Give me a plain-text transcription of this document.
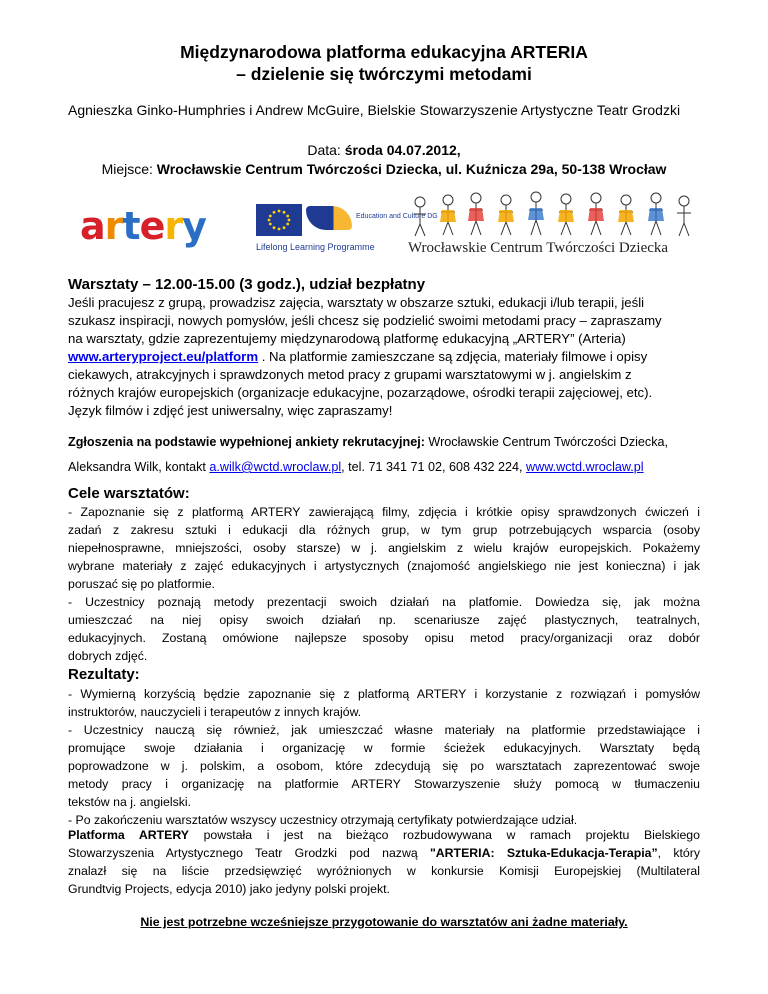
Międzynarodowa platforma edukacyjna ARTERIA
– dzielenie się twórczymi metodami
Agnieszka Ginko-Humphries i Andrew McGuire, Bielskie Stowarzyszenie Artystyczne Teatr Grodzki
Data: środa 04.07.2012,
Miejsce: Wrocławskie Centrum Twórczości Dziecka, ul. Kuźnicza 29a, 50-138 Wrocław
artery	Education and Culture DG
Lifelong Learning Programme Wrocławskie Centrum Twórczości Dziecka
Warsztaty – 12.00-15.00 (3 godz.), udział bezpłatny
Jeśli pracujesz z grupą, prowadzisz zajęcia, warsztaty w obszarze sztuki, edukacji i/lub terapii, jeśli
szukasz inspiracji, nowych pomysłów, jeśli chcesz się podzielić swoimi metodami pracy – zapraszamy
na warsztaty, gdzie zaprezentujemy międzynarodową platformę edukacyjną „ARTERY” (Arteria)
www.arteryproject.eu/platform . Na platformie zamieszczane są zdjęcia, materiały filmowe i opisy
ciekawych, atrakcyjnych i sprawdzonych metod pracy z grupami warsztatowymi w j. angielskim z
różnych krajów europejskich (organizacje edukacyjne, pozarządowe, ośrodki terapii zajęciowej, etc).
Język filmów i zdjęć jest uniwersalny, więc zapraszamy!
Zgłoszenia na podstawie wypełnionej ankiety rekrutacyjnej: Wrocławskie Centrum Twórczości Dziecka,
Aleksandra Wilk, kontakt a.wilk@wctd.wroclaw.pl, tel. 71 341 71 02, 608 432 224, www.wctd.wroclaw.pl
Cele warsztatów:
- Zapoznanie się z platformą ARTERY zawierającą filmy, zdjęcia i krótkie opisy sprawdzonych ćwiczeń i
zadań z zakresu sztuki i edukacji dla różnych grup, w tym grup potrzebujących wsparcia (osoby
niepełnosprawne, mniejszości, osoby starsze) w j. angielskim z wielu krajów europejskich. Pokażemy
wybrane materiały z zajęć edukacyjnych i artystycznych (znajomość angielskiego nie jest konieczna) i jak
poruszać się po platformie.
- Uczestnicy poznają metody prezentacji swoich działań na platfomie. Dowiedza się, jak można
umieszczać na niej opisy swoich działań np. scenariusze zajęć plastycznych, teatralnych,
edukacyjnych. Zostaną omówione najlepsze sposoby opisu metod pracy/organizacji oraz dobór
dobrych zdjęć.
Rezultaty:
- Wymierną korzyścią będzie zapoznanie się z platformą ARTERY i korzystanie z rozwiązań i pomysłów
instruktorów, nauczycieli i terapeutów z innych krajów.
- Uczestnicy nauczą się również, jak umieszczać własne materiały na platformie przedstawiające i
promujące swoje działania i organizację w formie ścieżek edukacyjnych. Warsztaty będą
poprowadzone w j. polskim, a osobom, które zdecydują się po warsztatach zaprezentować swoje
metody pracy i organizację na platformie ARTERY Stowarzyszenie służy pomocą w tłumaczeniu
tekstów na j. angielski.
- Po zakończeniu warsztatów wszyscy uczestnicy otrzymają certyfikaty potwierdzające udział.
Platforma ARTERY powstała i jest na bieżąco rozbudowywana w ramach projektu Bielskiego
Stowarzyszenia Artystycznego Teatr Grodzki pod nazwą "ARTERIA: Sztuka-Edukacja-Terapia”, który
znalazł się na liście przedsięwzięć wyróżnionych w konkursie Komisji Europejskiej (Multilateral
Grundtvig Projects, edycja 2010) jako jedyny polski projekt.
Nie jest potrzebne wcześniejsze przygotowanie do warsztatów ani żadne materiały.
